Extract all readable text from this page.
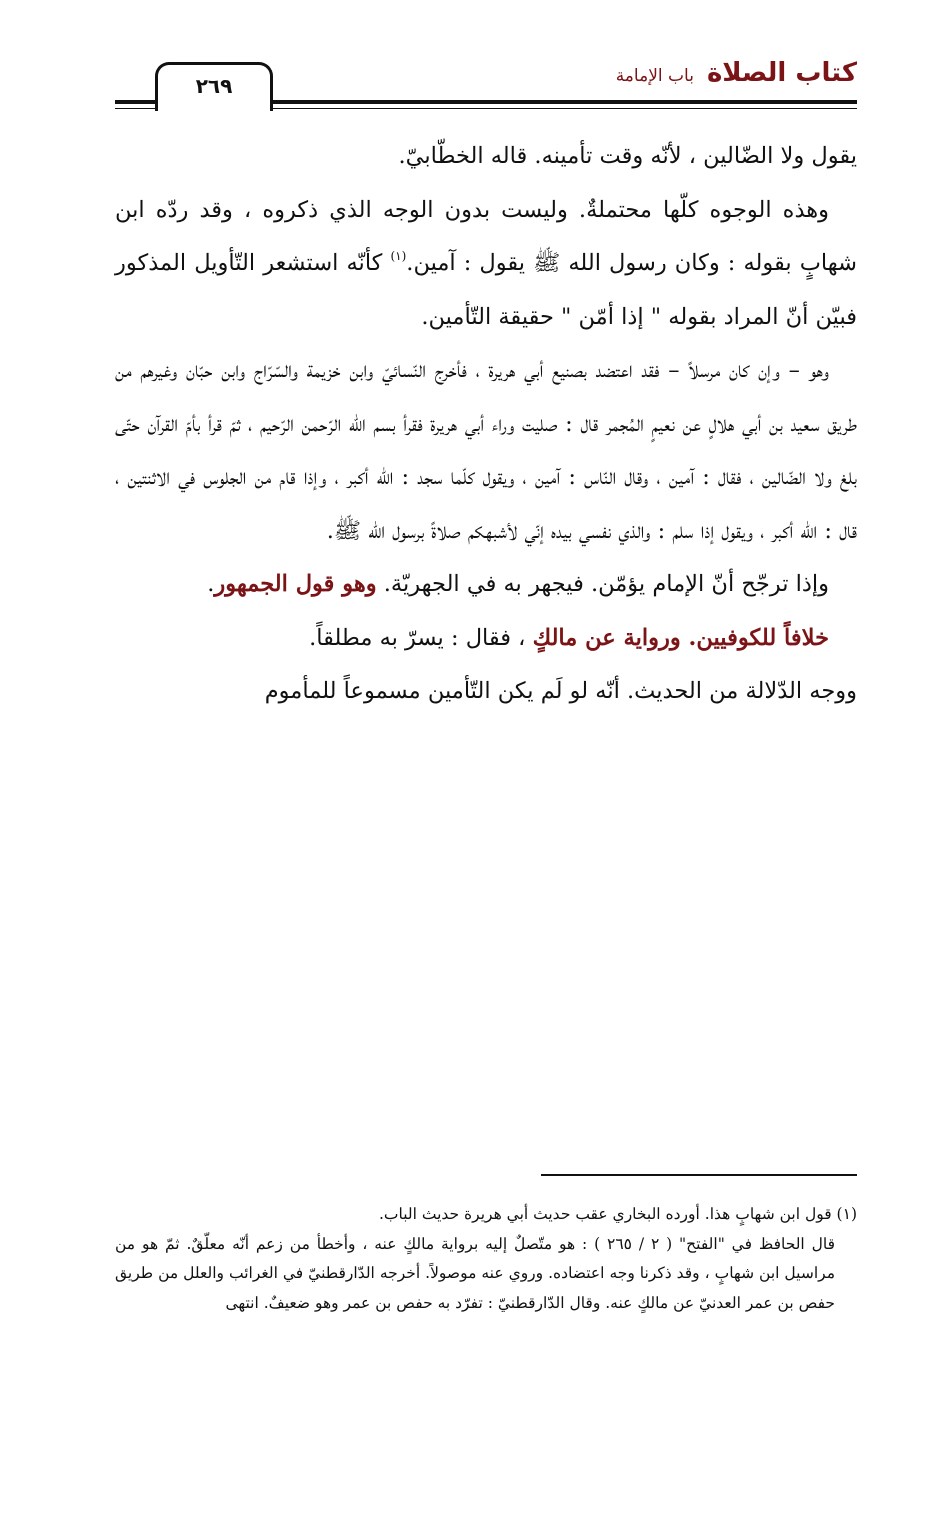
كتاب الصلاة باب الإمامة
٢٦٩

يقول ولا الضّالين ، لأنّه وقت تأمينه. قاله الخطّابيّ.

وهذه الوجوه كلّها محتملةٌ. وليست بدون الوجه الذي ذكروه ، وقد ردّه ابن شهابٍ بقوله : وكان رسول الله ﷺ يقول : آمين.$^{(١)}$ كأنّه استشعر التّأويل المذكور فبيّن أنّ المراد بقوله " إذا أمّن " حقيقة التّأمين.

وهو – وإن كان مرسلاً – فقد اعتضد بصنيع أبي هريرة ، فأخرج النّسائيّ وابن خزيمة والسّرّاج وابن حبّان وغيرهم من طريق سعيد بن أبي هلالٍ عن نعيمٍ المُجمر قال : صليت وراء أبي هريرة فقرأ بسم الله الرّحمن الرّحيم ، ثمّ قرأ بأمّ القرآن حتّى بلغ ولا الضّالين ، فقال : آمين ، وقال النّاس : آمين ، ويقول كلّما سجد : الله أكبر ، وإذا قام من الجلوس في الاثنتين ، قال : الله أكبر ، ويقول إذا سلم : والذي نفسي بيده إنّي لأشبهكم صلاةً برسول الله ﷺ.

وإذا ترجّح أنّ الإمام يؤمّن. فيجهر به في الجهريّة. وهو قول الجمهور.

خلافاً للكوفيين. ورواية عن مالكٍ ، فقال : يسرّ به مطلقاً.

ووجه الدّلالة من الحديث. أنّه لو لَم يكن التّأمين مسموعاً للمأموم

(١) قول ابن شهابٍ هذا. أورده البخاري عقب حديث أبي هريرة حديث الباب.

قال الحافظ في "الفتح" ( ٢ / ٢٦٥ ) : هو متّصلٌ إليه برواية مالكٍ عنه ، وأخطأ من زعم أنّه معلّقٌ. ثمّ هو من مراسيل ابن شهابٍ ، وقد ذكرنا وجه اعتضاده. وروي عنه موصولاً. أخرجه الدّارقطنيّ في الغرائب والعلل من طريق حفص بن عمر العدنيّ عن مالكٍ عنه. وقال الدّارقطنيّ : تفرّد به حفص بن عمر وهو ضعيفٌ. انتهى
